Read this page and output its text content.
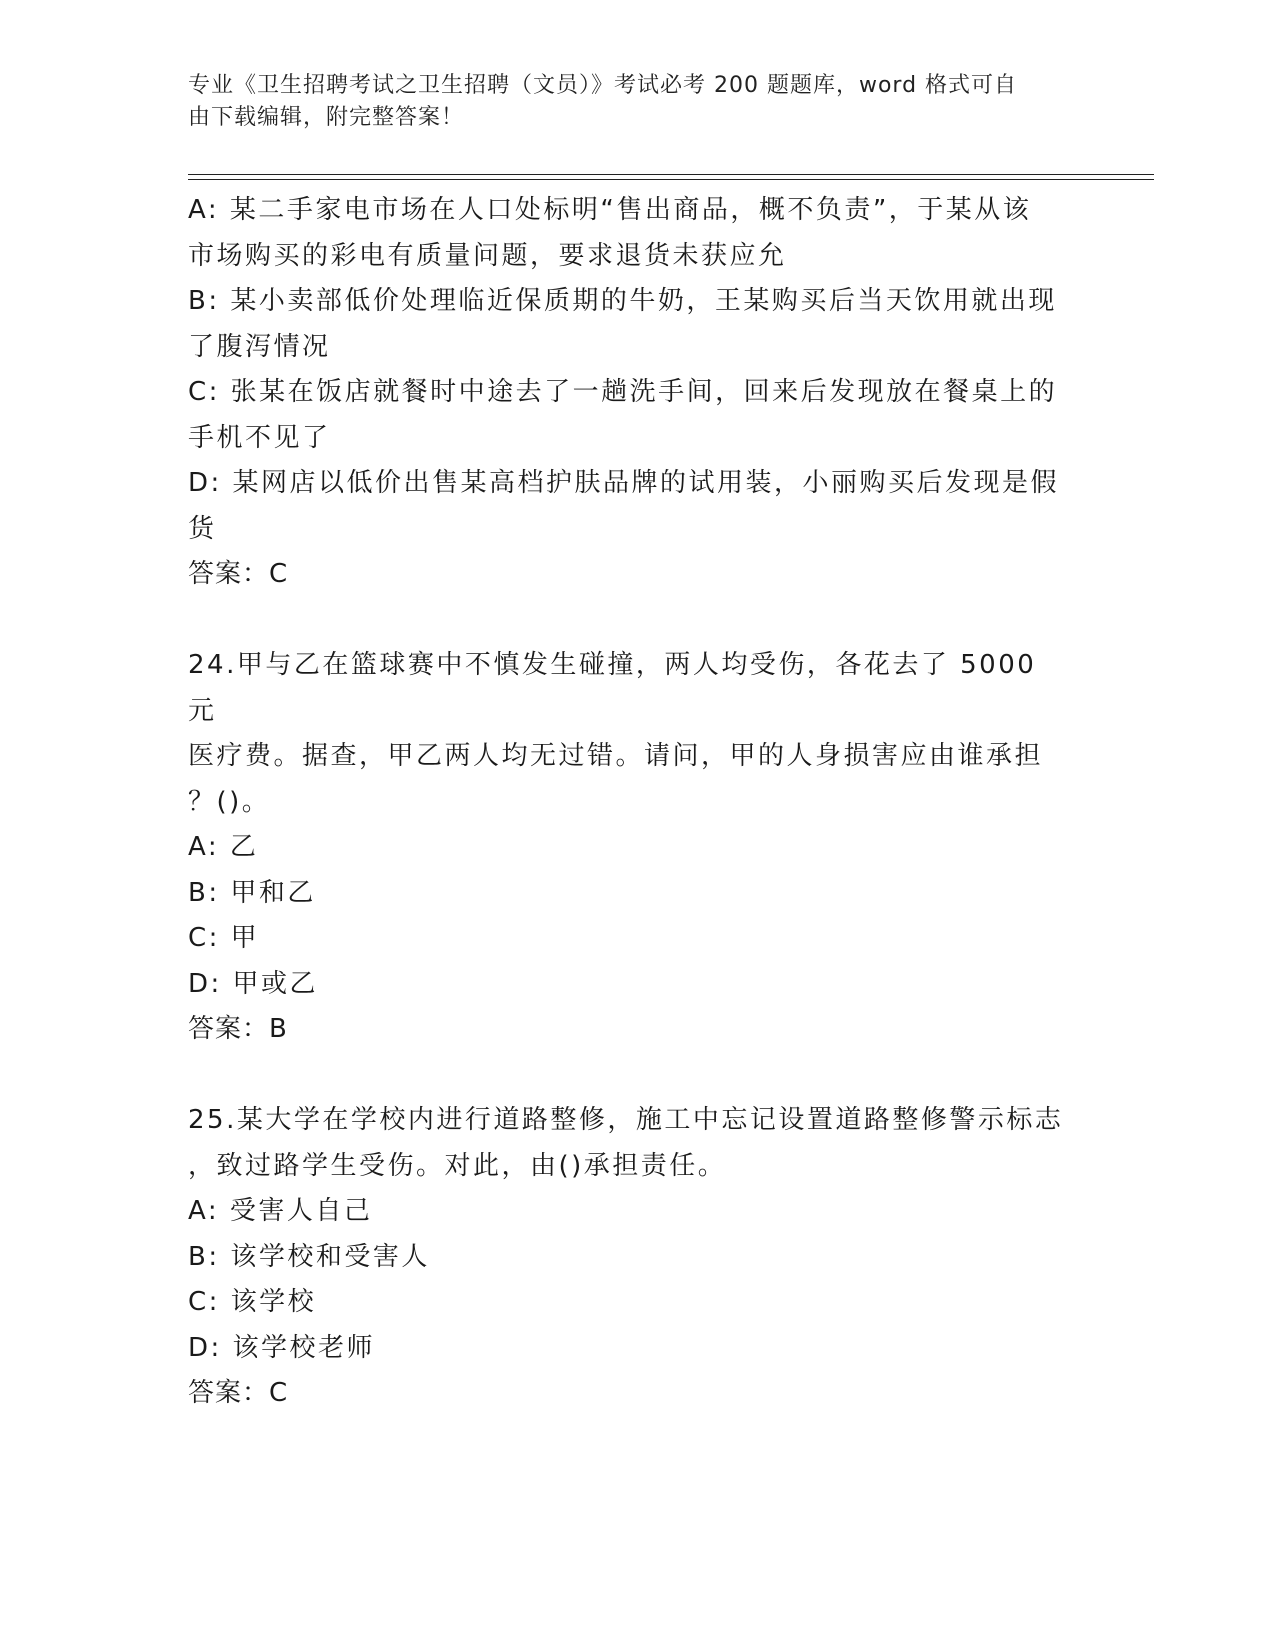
专业《卫生招聘考试之卫生招聘（文员）》考试必考 200 题题库，word 格式可自
由下载编辑，附完整答案！
A: 某二手家电市场在人口处标明“售出商品，概不负责”，于某从该
市场购买的彩电有质量问题，要求退货未获应允
B: 某小卖部低价处理临近保质期的牛奶，王某购买后当天饮用就出现
了腹泻情况
C: 张某在饭店就餐时中途去了一趟洗手间，回来后发现放在餐桌上的
手机不见了
D: 某网店以低价出售某高档护肤品牌的试用装，小丽购买后发现是假
货
答案：C
24.甲与乙在篮球赛中不慎发生碰撞，两人均受伤，各花去了 5000 元
医疗费。据查，甲乙两人均无过错。请问，甲的人身损害应由谁承担
？()。
A: 乙
B: 甲和乙
C: 甲
D: 甲或乙
答案：B
25.某大学在学校内进行道路整修，施工中忘记设置道路整修警示标志
，致过路学生受伤。对此，由()承担责任。
A: 受害人自己
B: 该学校和受害人
C: 该学校
D: 该学校老师
答案：C
